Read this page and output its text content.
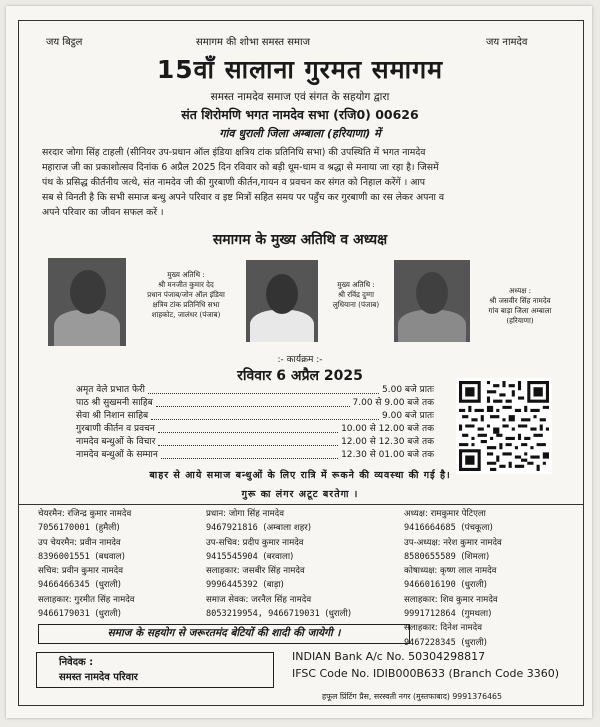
जय बिट्ठल	समागम की शोभा समस्त समाज	जय नामदेव
15वाँ सालाना गुरमत समागम
समस्त नामदेव समाज एवं संगत के सहयोग द्वारा
संत शिरोमणि भगत नामदेव सभा (रजि0) 00626
गांव धुराली जिला अम्बाला (हरियाणा) में
सरदार जोगा सिंह टाहली (सीनियर उप-प्रधान ऑल इंडिया क्षत्रिय टांक प्रतिनिधि सभा) की उपस्थिति में भगत नामदेव
महाराज जी का प्रकाशोत्सव दिनांक 6 अप्रैल 2025 दिन रविवार को बड़ी धूम-धाम व श्रद्धा से मनाया जा रहा है। जिसमें
पंथ के प्रसिद्ध कीर्तनीय जत्थे, संत नामदेव जी की गुरबाणी कीर्तन,गायन व प्रवचन कर संगत को निहाल करेंगें । आप
सब से विनती है कि सभी समाज बन्धु अपने परिवार व इष्ट मित्रों सहित समय पर पहुँच कर गुरबाणी का रस लेकर अपना व
अपने परिवार का जीवन सफल करें ।
समागम के मुख्य अतिथि व अध्यक्ष
मुख्य अतिथि :
श्री मनजीत कुमार देद
प्रधान पंजाब/जोन ऑल इंडिया
क्षत्रिय टांक प्रतिनिधि सभा
शाहकोट, जालंधर (पंजाब)
मुख्य अतिथि :
श्री रविंद्र दुग्गा
लुधियाना (पंजाब)
अध्यक्ष :
श्री जसवीर सिंह नामदेव
गांव बाड़ा जिला अम्बाला
(हरियाणा)
:- कार्यक्रम :-
रविवार 6 अप्रैल 2025
अमृत वेले प्रभात फेरी	5.00 बजे प्रातः
पाठ श्री सुखमनी साहिब	7.00 से 9.00 बजे तक
सेवा श्री निशान साहिब	9.00 बजे प्रातः
गुरबाणी कीर्तन व प्रवचन	10.00 से 12.00 बजे तक
नामदेव बन्धुओं के विचार	12.00 से 12.30 बजे तक
नामदेव बन्धुओं के सम्मान	12.30 से 01.00 बजे तक
बाहर से आये समाज बन्धुओं के लिए रात्रि में रूकने की व्यवस्था की गई है।
गुरू का लंगर अटूट बरतेगा ।
चेयरमैन: रजिन्द्र कुमार नामदेव
7056170001 (हुमैली)
उप चेयरमैन: प्रवीन नामदेव
8396001551 (बधवाल)
सचिव: प्रवीन कुमार नामदेव
9466466345 (धुराली)
सलाहकार: गुरमीत सिंह नामदेव
9466179031 (धुराली)
प्रधान: जोगा सिंह नामदेव
9467921816 (अम्बाला शहर)
उप-सचिव: प्रदीप कुमार नामदेव
9415545904 (बरवाला)
सलाहकार: जसबीर सिंह नामदेव
9996445392 (बाड़ा)
समाज सेवक: जरनैल सिंह नामदेव
8053219954, 9466719031 (धुराली)
अध्यक्ष: रामकुमार पेटिएला
9416664685 (पंचकूला)
उप-अध्यक्ष: नरेश कुमार नामदेव
8580655589 (शिमला)
कोषाध्यक्ष: कृष्ण लाल नामदेव
9466016190 (धुराली)
सलाहकार: शिव कुमार नामदेव
9991712864 (गुमथला)
सलाहकार: दिनेश नामदेव
9467228345 (धुराली)
समाज के सहयोग से जरूरतमंद बेटियों की शादी की जायेगी ।
निवेदक :
समस्त नामदेव परिवार
INDIAN Bank A/c No. 50304298817
IFSC Code No. IDIB000B633 (Branch Code 3360)
हफूल प्रिंटिंग प्रैस, सरस्वती नगर (मुस्तफाबाद) 9991376465
